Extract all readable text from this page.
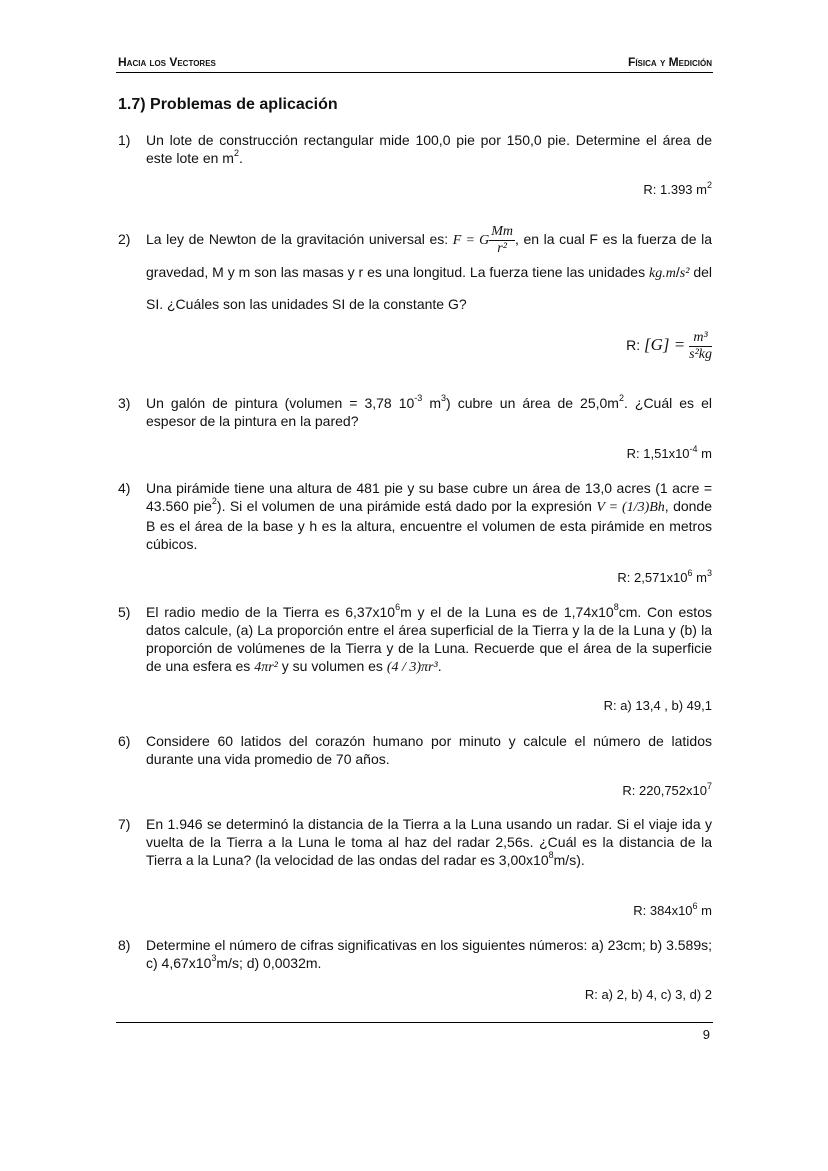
Hacia los Vectores	Física y Medición
1.7) Problemas de aplicación
1) Un lote de construcción rectangular mide 100,0 pie por 150,0 pie. Determine el área de este lote en $m^2$.
R: 1.393 $m^2$
2) La ley de Newton de la gravitación universal es: F = G $\frac{Mm}{\text{r²}}$ , en la cual F es la fuerza de la gravedad, M y m son las masas y r es una longitud. La fuerza tiene las unidades kg.m/s² del SI. ¿Cuáles son las unidades SI de la constante G?
R: $[G] = \frac{\text{m³}}{\text{s²kg}}$
3) Un galón de pintura (volumen = 3,78 $10^{-3}$ $m^3$) cubre un área de $25,0m^2$. ¿Cuál es el espesor de la pintura en la pared?
R: $1,51x10^{-4}$ m
4) Una pirámide tiene una altura de 481 pie y su base cubre un área de 13,0 acres (1 acre = 43.560 pie$^2$). Si el volumen de una pirámide está dado por la expresión V = (1/3)Bh, donde B es el área de la base y h es la altura, encuentre el volumen de esta pirámide en metros cúbicos.
R: $2,571x10^6$ $m^3$
5) El radio medio de la Tierra es $6,37x10^6m$ y el de la Luna es de $1,74x10^8cm$. Con estos datos calcule, (a) La proporción entre el área superficial de la Tierra y la de la Luna y (b) la proporción de volúmenes de la Tierra y de la Luna. Recuerde que el área de la superficie de una esfera es 4πr² y su volumen es (4 / 3)πr³.
R: a) 13,4 , b) 49,1
6) Considere 60 latidos del corazón humano por minuto y calcule el número de latidos durante una vida promedio de 70 años.
R: $220,752x10^7$
7) En 1.946 se determinó la distancia de la Tierra a la Luna usando un radar. Si el viaje ida y vuelta de la Tierra a la Luna le toma al haz del radar 2,56s. ¿Cuál es la distancia de la Tierra a la Luna? (la velocidad de las ondas del radar es $3,00x10^8m/s$).
R: $384x10^6$ m
8) Determine el número de cifras significativas en los siguientes números: a) 23cm; b) 3.589s; c) $4,67x10^3m/s$; d) 0,0032m.
R: a) 2, b) 4, c) 3, d) 2
9
